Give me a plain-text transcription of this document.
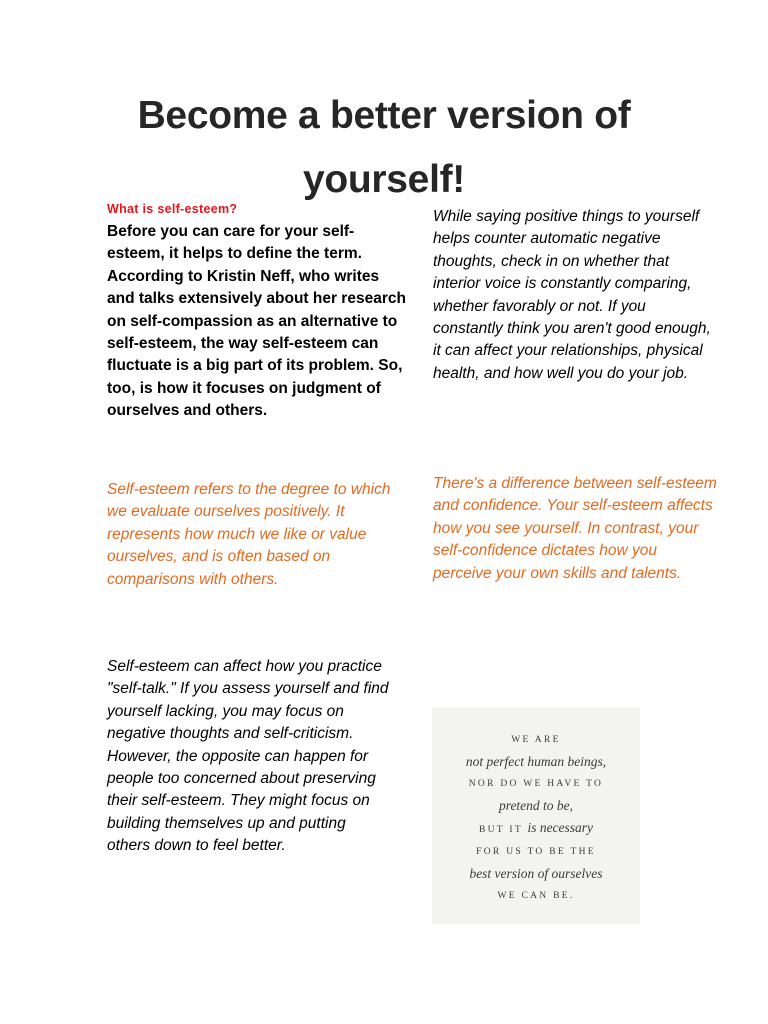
Become a better version of yourself!
What is self-esteem?
Before you can care for your self-esteem, it helps to define the term. According to Kristin Neff, who writes and talks extensively about her research on self-compassion as an alternative to self-esteem, the way self-esteem can fluctuate is a big part of its problem. So, too, is how it focuses on judgment of ourselves and others.
Self-esteem refers to the degree to which we evaluate ourselves positively. It represents how much we like or value ourselves, and is often based on comparisons with others.
Self-esteem can affect how you practice "self-talk." If you assess yourself and find yourself lacking, you may focus on negative thoughts and self-criticism. However, the opposite can happen for people too concerned about preserving their self-esteem. They might focus on building themselves up and putting others down to feel better.
While saying positive things to yourself helps counter automatic negative thoughts, check in on whether that interior voice is constantly comparing, whether favorably or not. If you constantly think you aren't good enough, it can affect your relationships, physical health, and how well you do your job.
There's a difference between self-esteem and confidence. Your self-esteem affects how you see yourself. In contrast, your self-confidence dictates how you perceive your own skills and talents.
WE ARE
not perfect human beings,
NOR DO WE HAVE TO
pretend to be,
BUT IT is necessary
FOR US TO BE THE
best version of ourselves
WE CAN BE.
